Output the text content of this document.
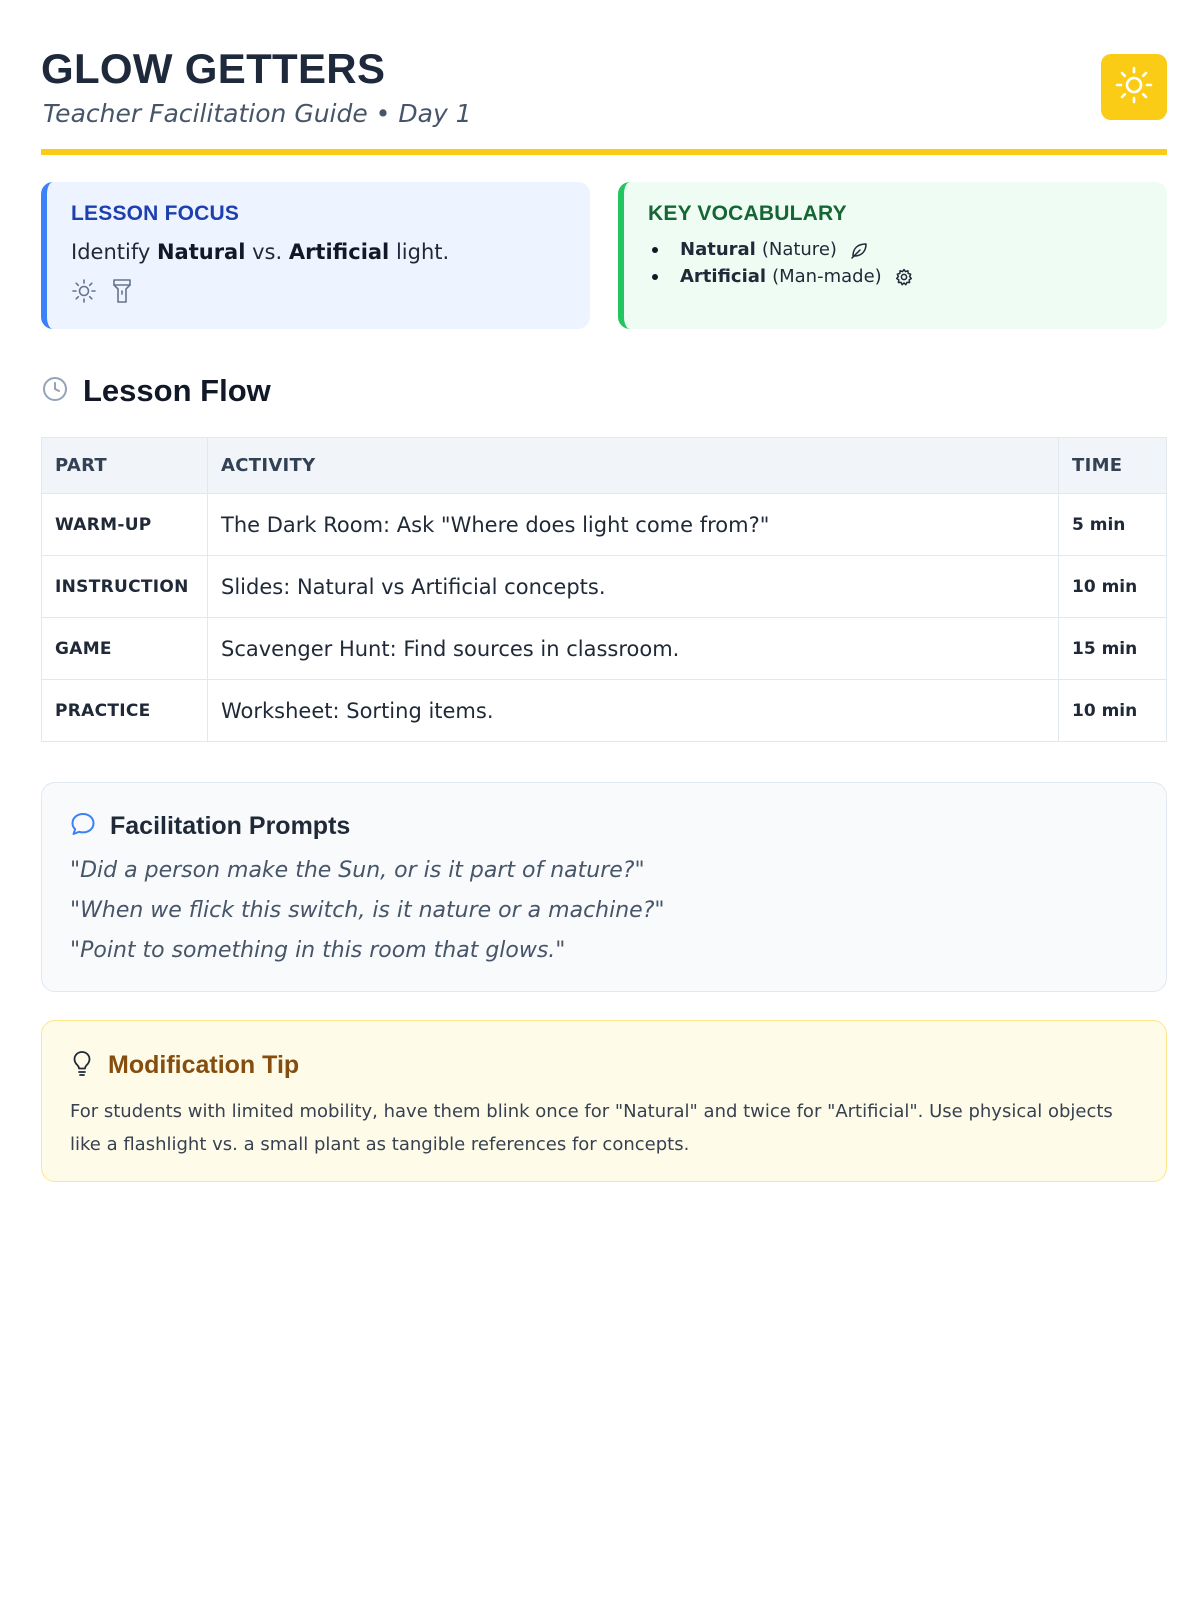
GLOW GETTERS
Teacher Facilitation Guide • Day 1
LESSON FOCUS
Identify Natural vs. Artificial light.
KEY VOCABULARY
Natural (Nature)
Artificial (Man-made)
Lesson Flow
PART	ACTIVITY	TIME
WARM-UP	The Dark Room: Ask "Where does light come from?"	5 min
INSTRUCTION	Slides: Natural vs Artificial concepts.	10 min
GAME	Scavenger Hunt: Find sources in classroom.	15 min
PRACTICE	Worksheet: Sorting items.	10 min
Facilitation Prompts

"Did a person make the Sun, or is it part of nature?"

"When we flick this switch, is it nature or a machine?"

"Point to something in this room that glows."

Modification Tip

For students with limited mobility, have them blink once for "Natural" and twice for "Artificial". Use physical objects like a flashlight vs. a small plant as tangible references for concepts.
